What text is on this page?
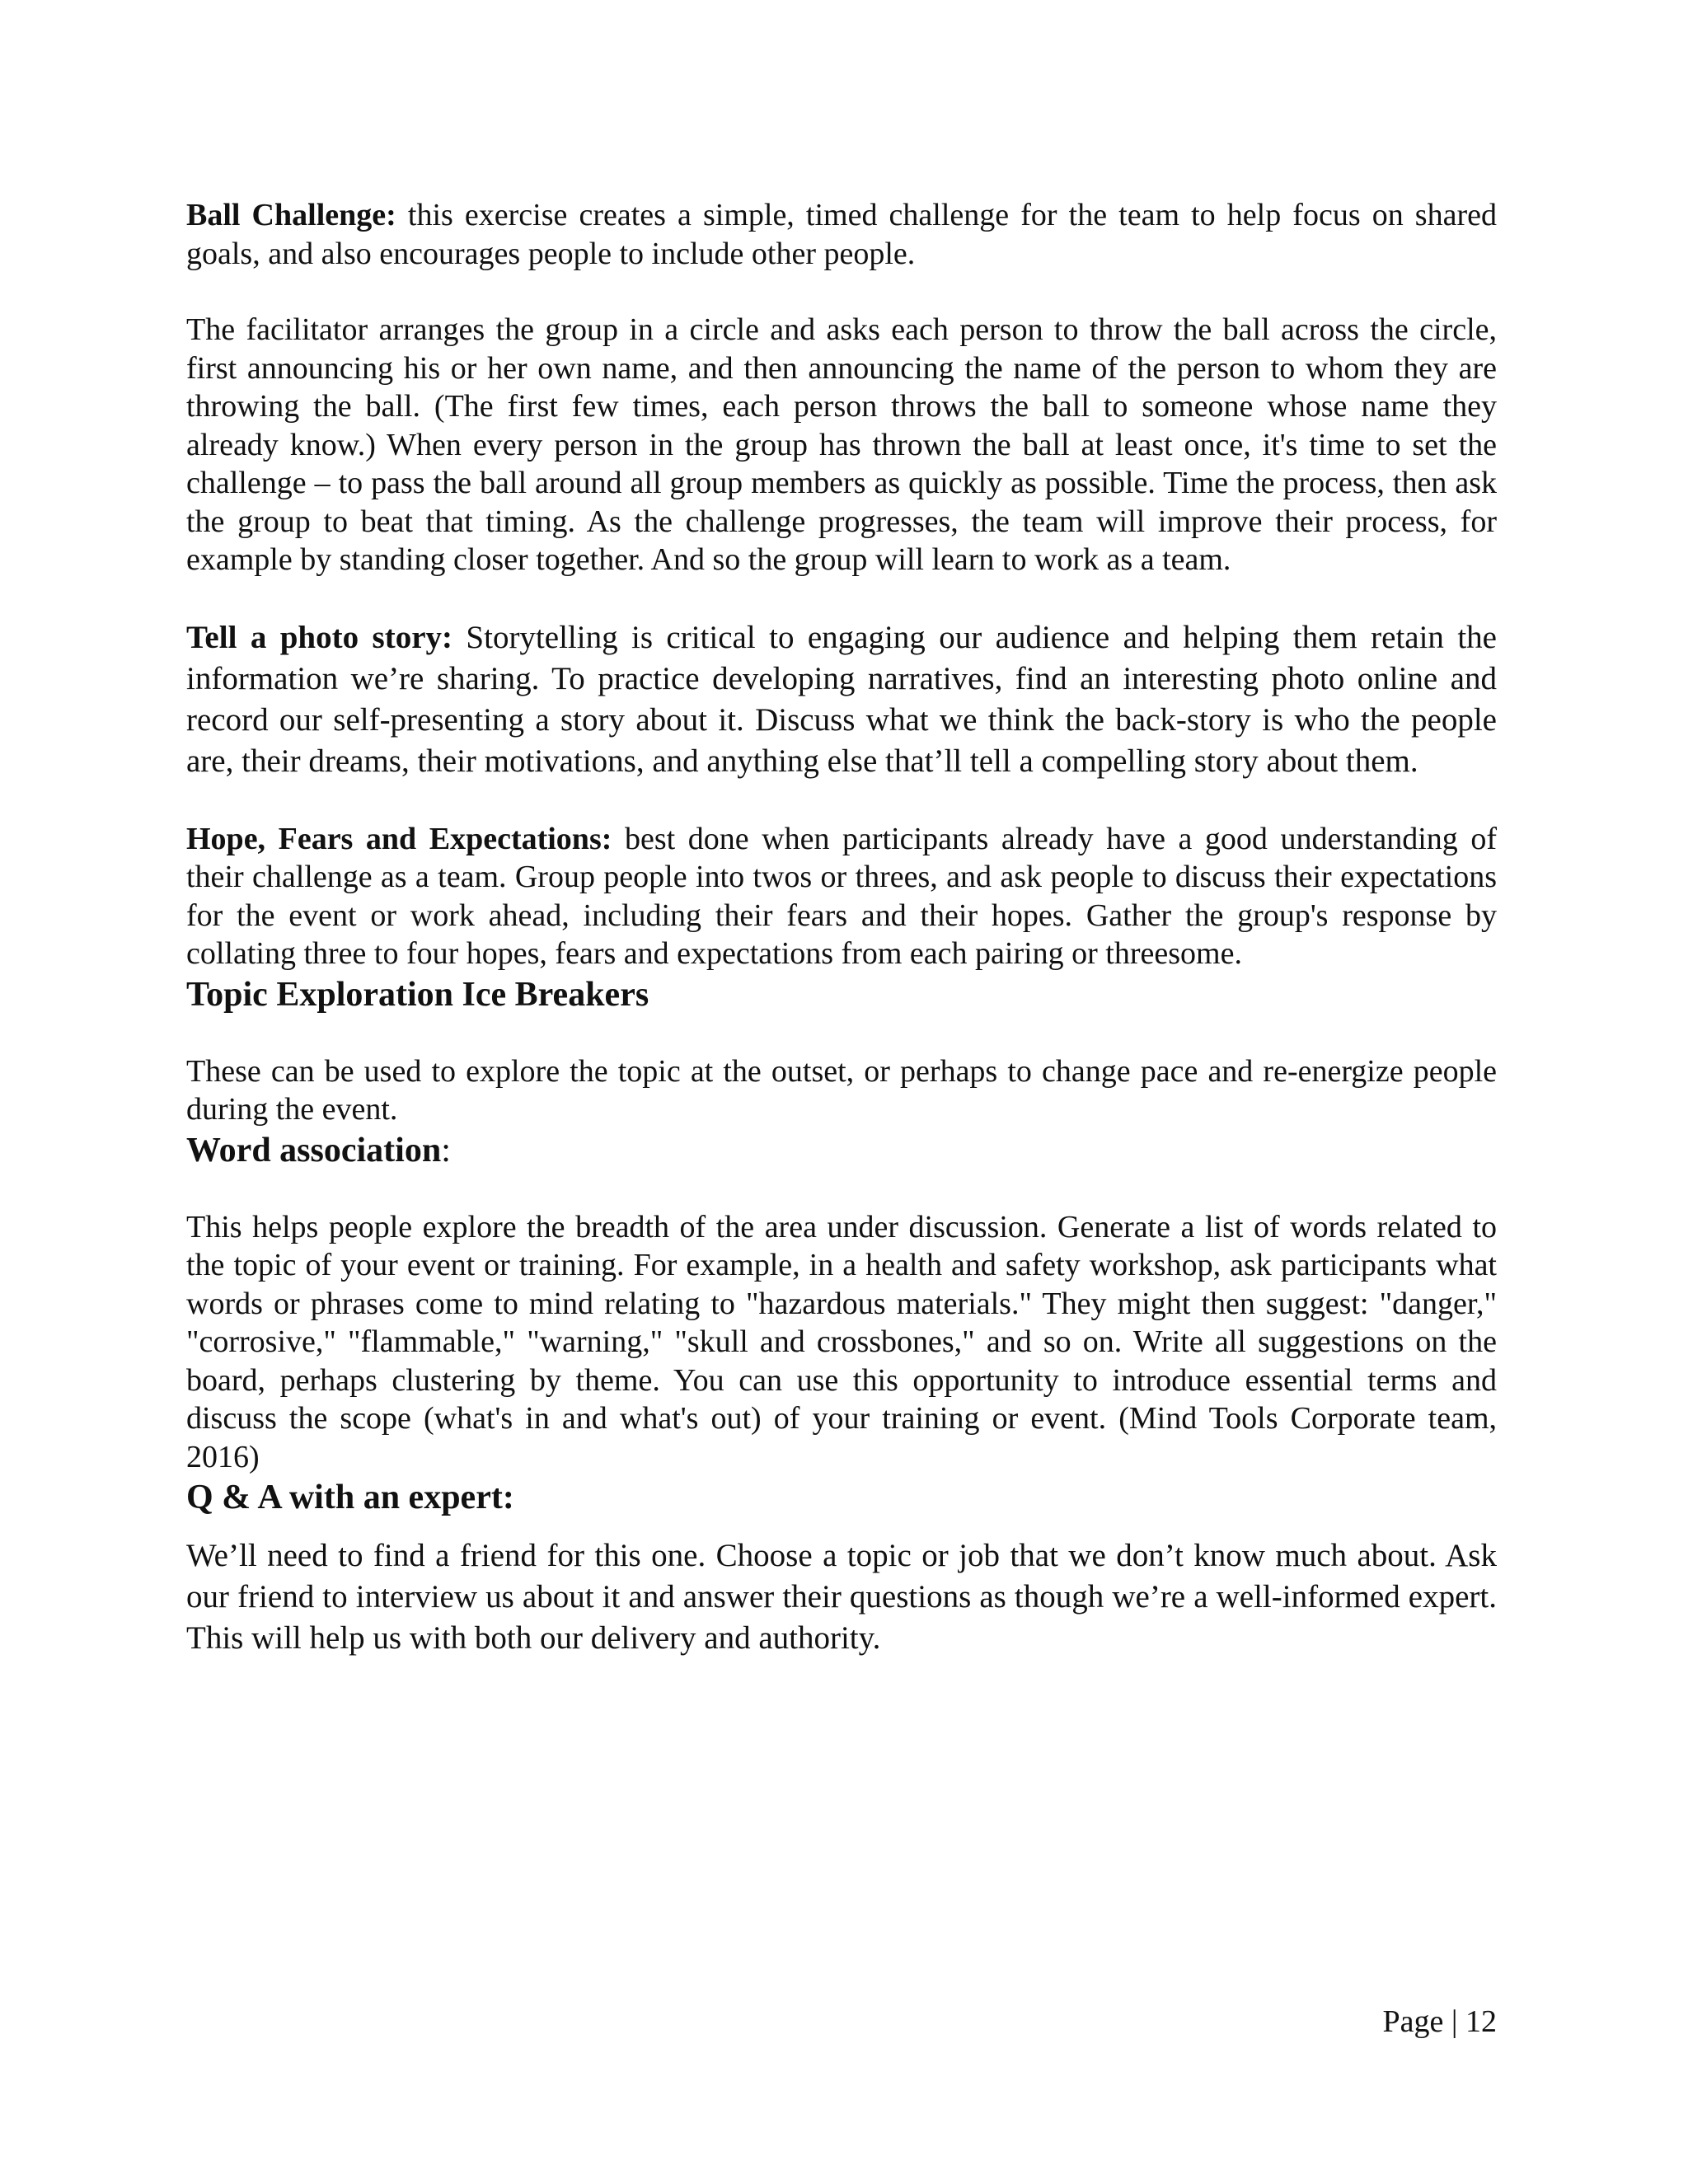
Ball Challenge: this exercise creates a simple, timed challenge for the team to help focus on shared goals, and also encourages people to include other people.

The facilitator arranges the group in a circle and asks each person to throw the ball across the circle, first announcing his or her own name, and then announcing the name of the person to whom they are throwing the ball. (The first few times, each person throws the ball to someone whose name they already know.) When every person in the group has thrown the ball at least once, it's time to set the challenge – to pass the ball around all group members as quickly as possible. Time the process, then ask the group to beat that timing. As the challenge progresses, the team will improve their process, for example by standing closer together. And so the group will learn to work as a team.

Tell a photo story: Storytelling is critical to engaging our audience and helping them retain the information we’re sharing. To practice developing narratives, find an interesting photo online and record our self-presenting a story about it. Discuss what we think the back-story is who the people are, their dreams, their motivations, and anything else that’ll tell a compelling story about them.

Hope, Fears and Expectations: best done when participants already have a good understanding of their challenge as a team. Group people into twos or threes, and ask people to discuss their expectations for the event or work ahead, including their fears and their hopes. Gather the group's response by collating three to four hopes, fears and expectations from each pairing or threesome.

Topic Exploration Ice Breakers

These can be used to explore the topic at the outset, or perhaps to change pace and re-energize people during the event.

Word association:

This helps people explore the breadth of the area under discussion. Generate a list of words related to the topic of your event or training. For example, in a health and safety workshop, ask participants what words or phrases come to mind relating to "hazardous materials." They might then suggest: "danger," "corrosive," "flammable," "warning," "skull and crossbones," and so on. Write all suggestions on the board, perhaps clustering by theme. You can use this opportunity to introduce essential terms and discuss the scope (what's in and what's out) of your training or event. (Mind Tools Corporate team, 2016)

Q & A with an expert:

We’ll need to find a friend for this one. Choose a topic or job that we don’t know much about. Ask our friend to interview us about it and answer their questions as though we’re a well-informed expert. This will help us with both our delivery and authority.

Page | 12
